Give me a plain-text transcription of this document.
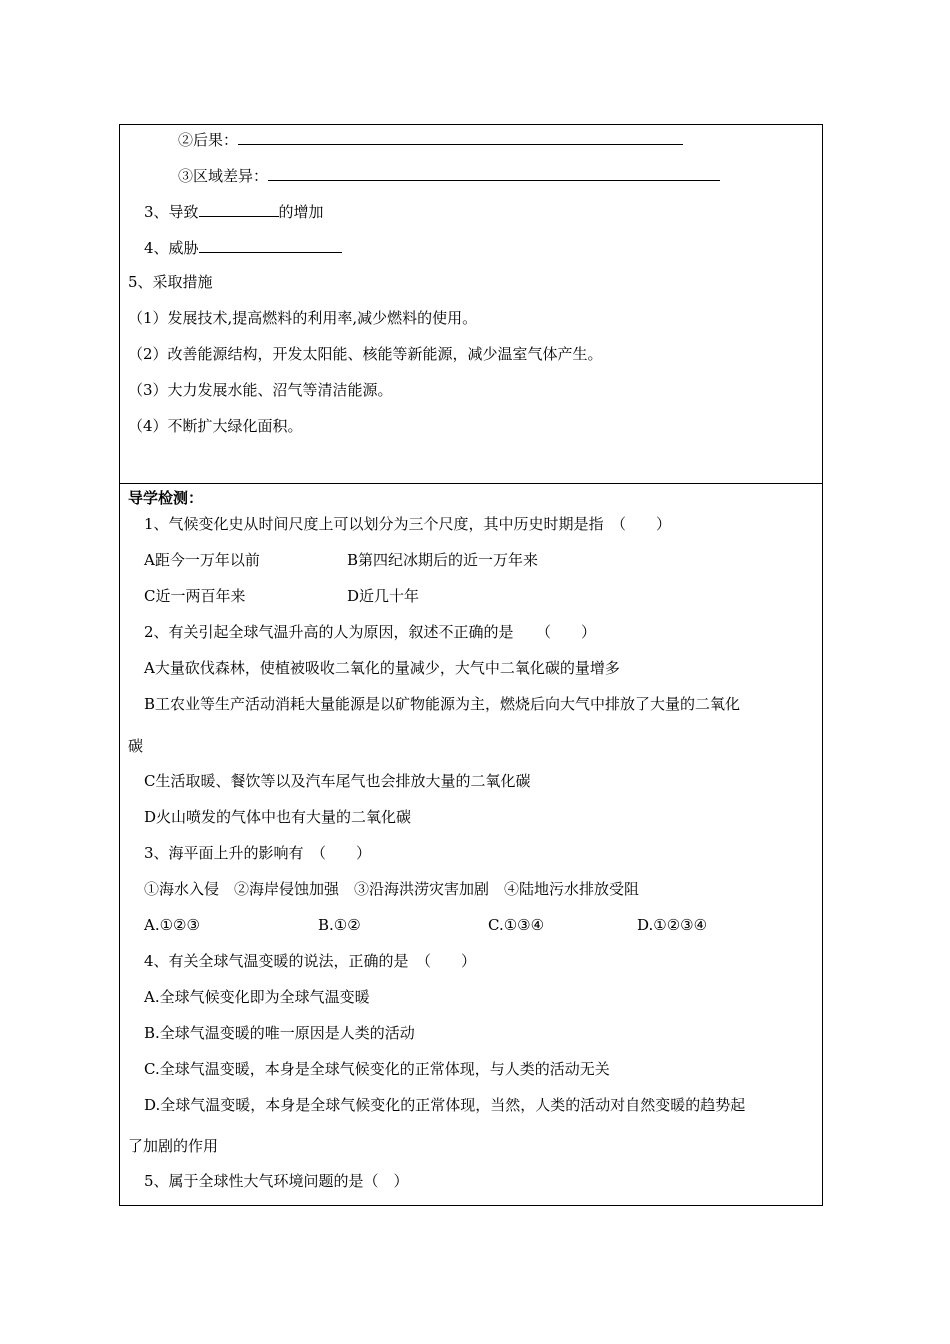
②后果：
③区域差异：
3、导致	的增加
4、威胁
5、采取措施
（1）发展技术,提高燃料的利用率,减少燃料的使用。
（2）改善能源结构，开发太阳能、核能等新能源，减少温室气体产生。
（3）大力发展水能、沼气等清洁能源。
（4）不断扩大绿化面积。
导学检测：
1、气候变化史从时间尺度上可以划分为三个尺度，其中历史时期是指　（　　）
A距今一万年以前	B第四纪冰期后的近一万年来
C近一两百年来	D近几十年
2、有关引起全球气温升高的人为原因，叙述不正确的是　　（　　）
A大量砍伐森林，使植被吸收二氧化的量减少，大气中二氧化碳的量增多
B工农业等生产活动消耗大量能源是以矿物能源为主，燃烧后向大气中排放了大量的二氧化
碳
C生活取暖、餐饮等以及汽车尾气也会排放大量的二氧化碳
D火山喷发的气体中也有大量的二氧化碳
3、海平面上升的影响有　（　　）
①海水入侵　②海岸侵蚀加强　③沿海洪涝灾害加剧　④陆地污水排放受阻
A.①②③	B.①②	C.①③④	D.①②③④
4、有关全球气温变暖的说法，正确的是　（　　）
A.全球气候变化即为全球气温变暖
B.全球气温变暖的唯一原因是人类的活动
C.全球气温变暖，本身是全球气候变化的正常体现，与人类的活动无关
D.全球气温变暖，本身是全球气候变化的正常体现，当然，人类的活动对自然变暖的趋势起
了加剧的作用
5、属于全球性大气环境问题的是（　）
